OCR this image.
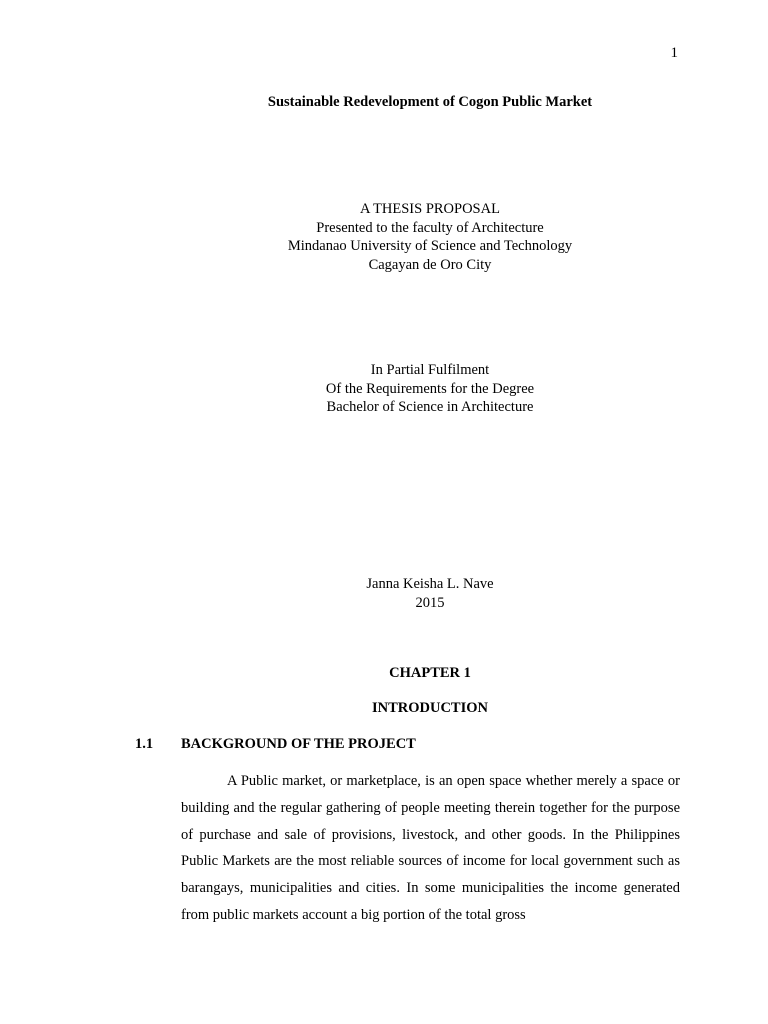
1
Sustainable Redevelopment of Cogon Public Market
A THESIS PROPOSAL
Presented to the faculty of Architecture
Mindanao University of Science and Technology
Cagayan de Oro City
In Partial Fulfilment
Of the Requirements for the Degree
Bachelor of Science in Architecture
Janna Keisha L. Nave
2015
CHAPTER 1
INTRODUCTION
1.1 BACKGROUND OF THE PROJECT

A Public market, or marketplace, is an open space whether merely a space or building and the regular gathering of people meeting therein together for the purpose of purchase and sale of provisions, livestock, and other goods. In the Philippines Public Markets are the most reliable sources of income for local government such as barangays, municipalities and cities. In some municipalities the income generated from public markets account a big portion of the total gross
